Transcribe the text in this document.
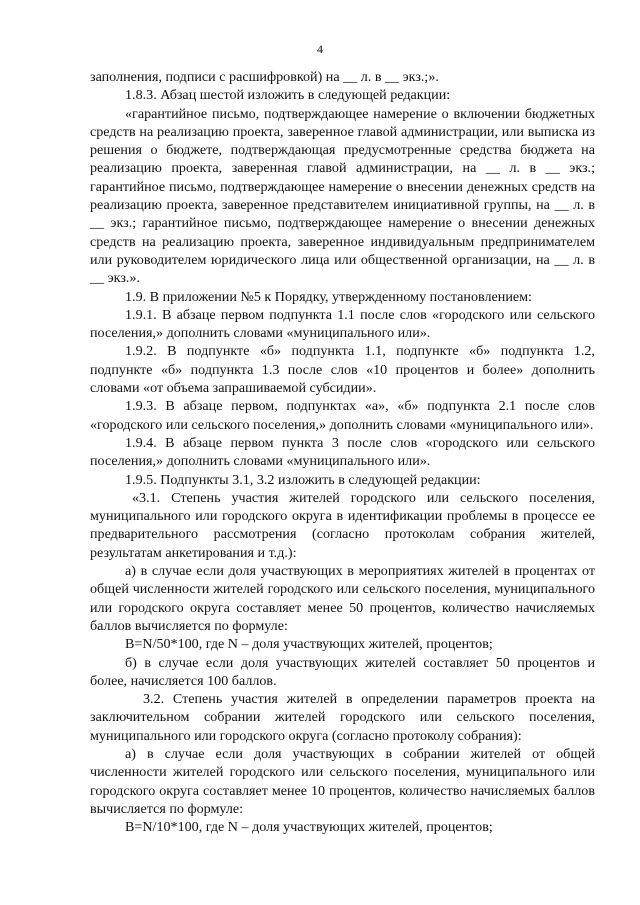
4

заполнения, подписи с расшифровкой) на __ л. в __ экз.;».

1.8.3. Абзац шестой изложить в следующей редакции:

«гарантийное письмо, подтверждающее намерение о включении бюджетных средств на реализацию проекта, заверенное главой администрации, или выписка из решения о бюджете, подтверждающая предусмотренные средства бюджета на реализацию проекта, заверенная главой администрации, на __ л. в __ экз.; гарантийное письмо, подтверждающее намерение о внесении денежных средств на реализацию проекта, заверенное представителем инициативной группы, на __ л. в __ экз.; гарантийное письмо, подтверждающее намерение о внесении денежных средств на реализацию проекта, заверенное индивидуальным предпринимателем или руководителем юридического лица или общественной организации, на __ л. в __ экз.».

1.9. В приложении №5 к Порядку, утвержденному постановлением:

1.9.1. В абзаце первом подпункта 1.1 после слов «городского или сельского поселения,» дополнить словами «муниципального или».

1.9.2. В подпункте «б» подпункта 1.1, подпункте «б» подпункта 1.2, подпункте «б» подпункта 1.3 после слов «10 процентов и более» дополнить словами «от объема запрашиваемой субсидии».

1.9.3. В абзаце первом, подпунктах «а», «б» подпункта 2.1 после слов «городского или сельского поселения,» дополнить словами «муниципального или».

1.9.4. В абзаце первом пункта 3 после слов «городского или сельского поселения,» дополнить словами «муниципального или».

1.9.5. Подпункты 3.1, 3.2 изложить в следующей редакции:

«3.1. Степень участия жителей городского или сельского поселения, муниципального или городского округа в идентификации проблемы в процессе ее предварительного рассмотрения (согласно протоколам собрания жителей, результатам анкетирования и т.д.):

а) в случае если доля участвующих в мероприятиях жителей в процентах от общей численности жителей городского или сельского поселения, муниципального или городского округа составляет менее 50 процентов, количество начисляемых баллов вычисляется по формуле:

B=N/50*100, где N – доля участвующих жителей, процентов;

б) в случае если доля участвующих жителей составляет 50 процентов и более, начисляется 100 баллов.

3.2. Степень участия жителей в определении параметров проекта на заключительном собрании жителей городского или сельского поселения, муниципального или городского округа (согласно протоколу собрания):

а) в случае если доля участвующих в собрании жителей от общей численности жителей городского или сельского поселения, муниципального или городского округа составляет менее 10 процентов, количество начисляемых баллов вычисляется по формуле:

B=N/10*100, где N – доля участвующих жителей, процентов;
